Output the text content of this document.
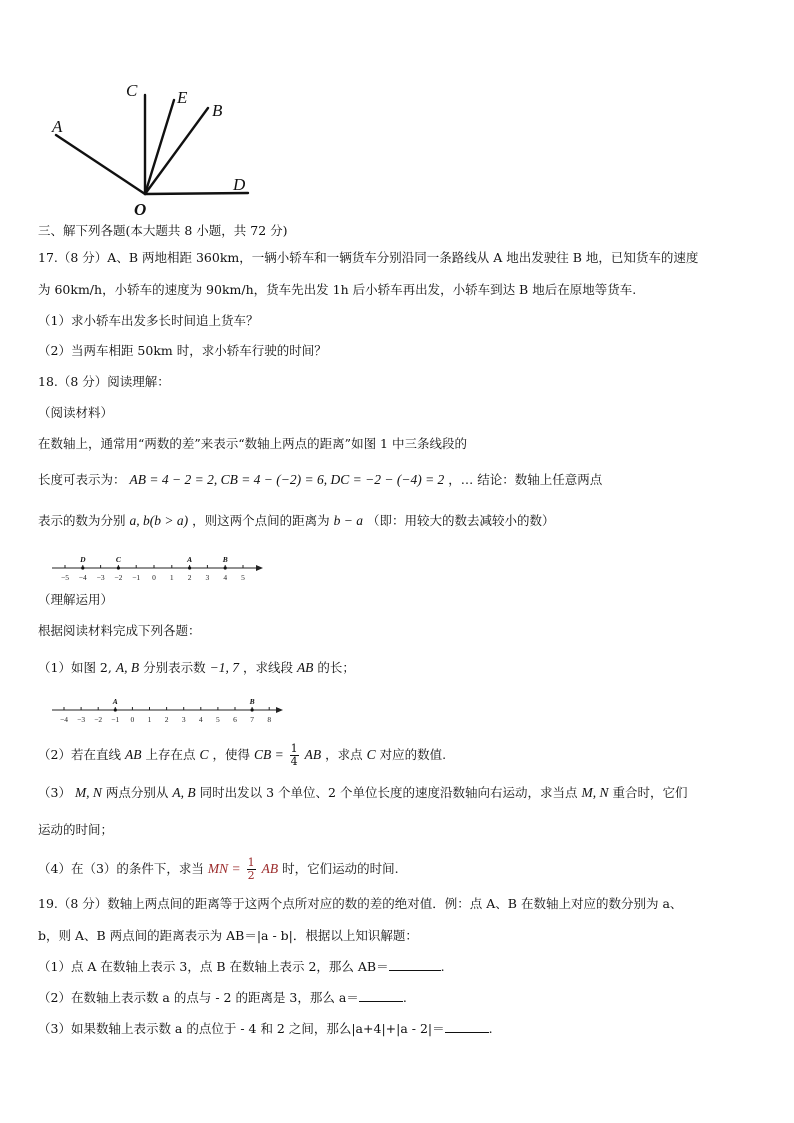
A
C E
B
D
O
三、解下列各题(本大题共 8 小题，共 72 分)
17.（8 分）A、B 两地相距 360km，一辆小轿车和一辆货车分别沿同一条路线从 A 地出发驶往 B 地，已知货车的速度
为 60km/h，小轿车的速度为 90km/h，货车先出发 1h 后小轿车再出发，小轿车到达 B 地后在原地等货车.
（1）求小轿车出发多长时间追上货车？
（2）当两车相距 50km 时，求小轿车行驶的时间？
18.（8 分）阅读理解：
（阅读材料）
在数轴上，通常用“两数的差”来表示“数轴上两点的距离”如图 1 中三条线段的
长度可表示为： AB = 4 − 2 = 2, CB = 4 − (−2) = 6, DC = −2 − (−4) = 2 ，… 结论：数轴上任意两点
表示的数为分别 a, b(b > a) ，则这两个点间的距离为 b − a （即：用较大的数去减较小的数）
−5 −4 −3 −2 −1 0 1 2 3 4 5
D	C	A	B
（理解运用）
根据阅读材料完成下列各题：
（1）如图 2, A, B 分别表示数 −1, 7 ，求线段 AB 的长；
−4 −3 −2 −1 0 1 2 3 4 5 6 7 8
A	B
（2）若在直线 AB 上存在点 C ，使得 CB = $\frac{1}{4}$ AB ，求点 C 对应的数值.
（3） M, N 两点分别从 A, B 同时出发以 3 个单位、2 个单位长度的速度沿数轴向右运动，求当点 M, N 重合时，它们
运动的时间；
（4）在（3）的条件下，求当 MN = $\frac{1}{2}$ AB 时，它们运动的时间.
19.（8 分）数轴上两点间的距离等于这两个点所对应的数的差的绝对值．例：点 A、B 在数轴上对应的数分别为 a、
b，则 A、B 两点间的距离表示为 AB＝|a - b|．根据以上知识解题：
（1）点 A 在数轴上表示 3，点 B 在数轴上表示 2，那么 AB＝	.
（2）在数轴上表示数 a 的点与 - 2 的距离是 3，那么 a＝	.
（3）如果数轴上表示数 a 的点位于 - 4 和 2 之间，那么|a+4|+|a - 2|＝	.
